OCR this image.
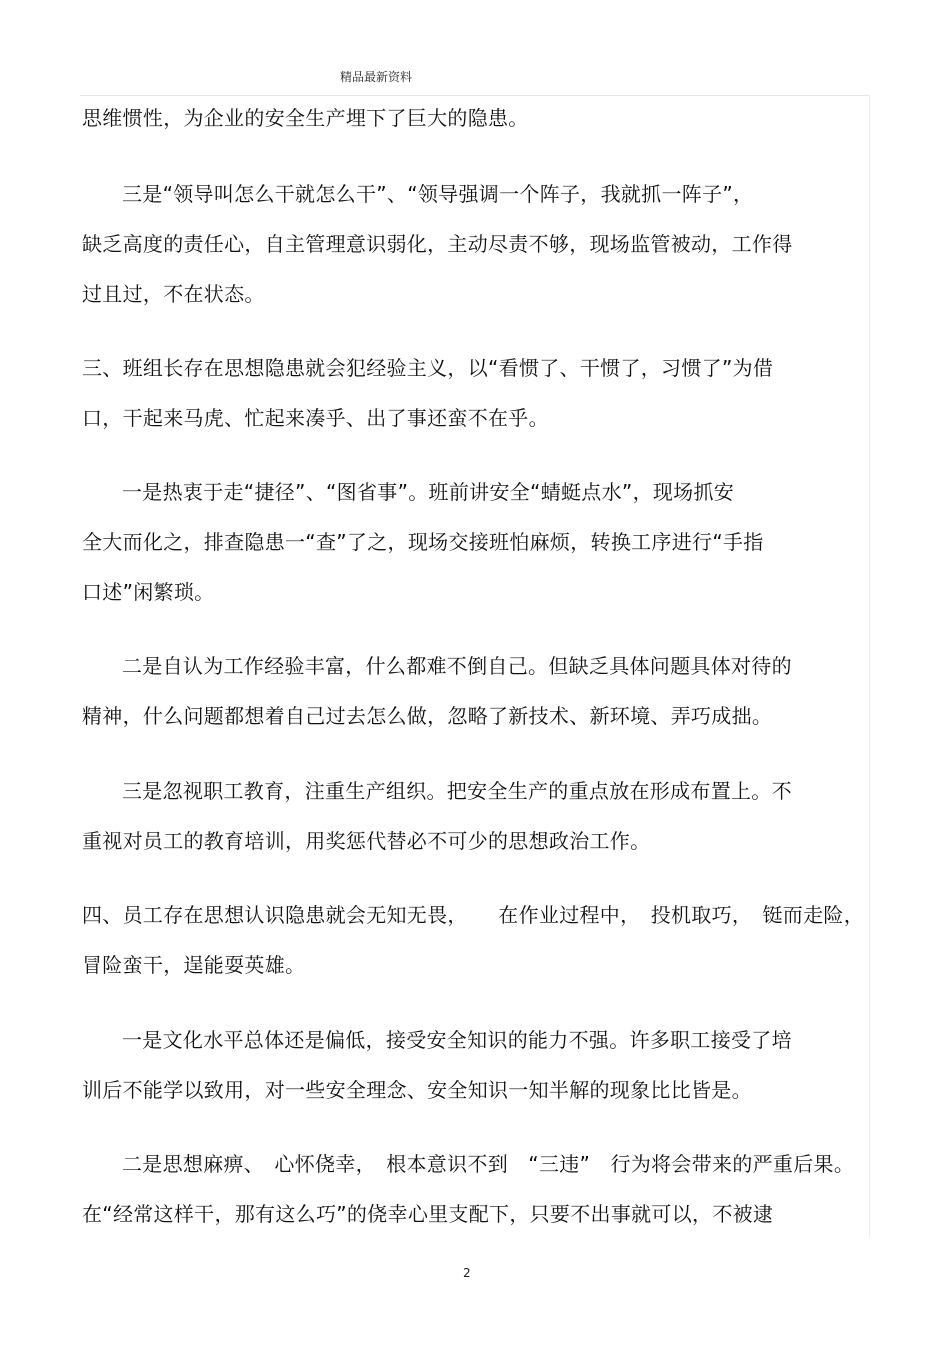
精品最新资料
思维惯性，为企业的安全生产埋下了巨大的隐患。
三是“领导叫怎么干就怎么干”、“领导强调一个阵子，我就抓一阵子”，
缺乏高度的责任心，自主管理意识弱化，主动尽责不够，现场监管被动，工作得
过且过，不在状态。
三、班组长存在思想隐患就会犯经验主义，以“看惯了、干惯了，习惯了”为借
口，干起来马虎、忙起来凑乎、出了事还蛮不在乎。
一是热衷于走“捷径”、“图省事”。班前讲安全“蜻蜓点水”，现场抓安
全大而化之，排查隐患一“查”了之，现场交接班怕麻烦，转换工序进行“手指
口述”闲繁琐。
二是自认为工作经验丰富，什么都难不倒自己。但缺乏具体问题具体对待的
精神，什么问题都想着自己过去怎么做，忽略了新技术、新环境、弄巧成拙。
三是忽视职工教育，注重生产组织。把安全生产的重点放在形成布置上。不
重视对员工的教育培训，用奖惩代替必不可少的思想政治工作。
四、员工存在思想认识隐患就会无知无畏，　　在作业过程中，　投机取巧，　铤而走险，
冒险蛮干，逞能耍英雄。
一是文化水平总体还是偏低，接受安全知识的能力不强。许多职工接受了培
训后不能学以致用，对一些安全理念、安全知识一知半解的现象比比皆是。
二是思想麻痹、　心怀侥幸，　根本意识不到　“三违”　行为将会带来的严重后果。
在“经常这样干，那有这么巧”的侥幸心里支配下，只要不出事就可以，不被逮
2
